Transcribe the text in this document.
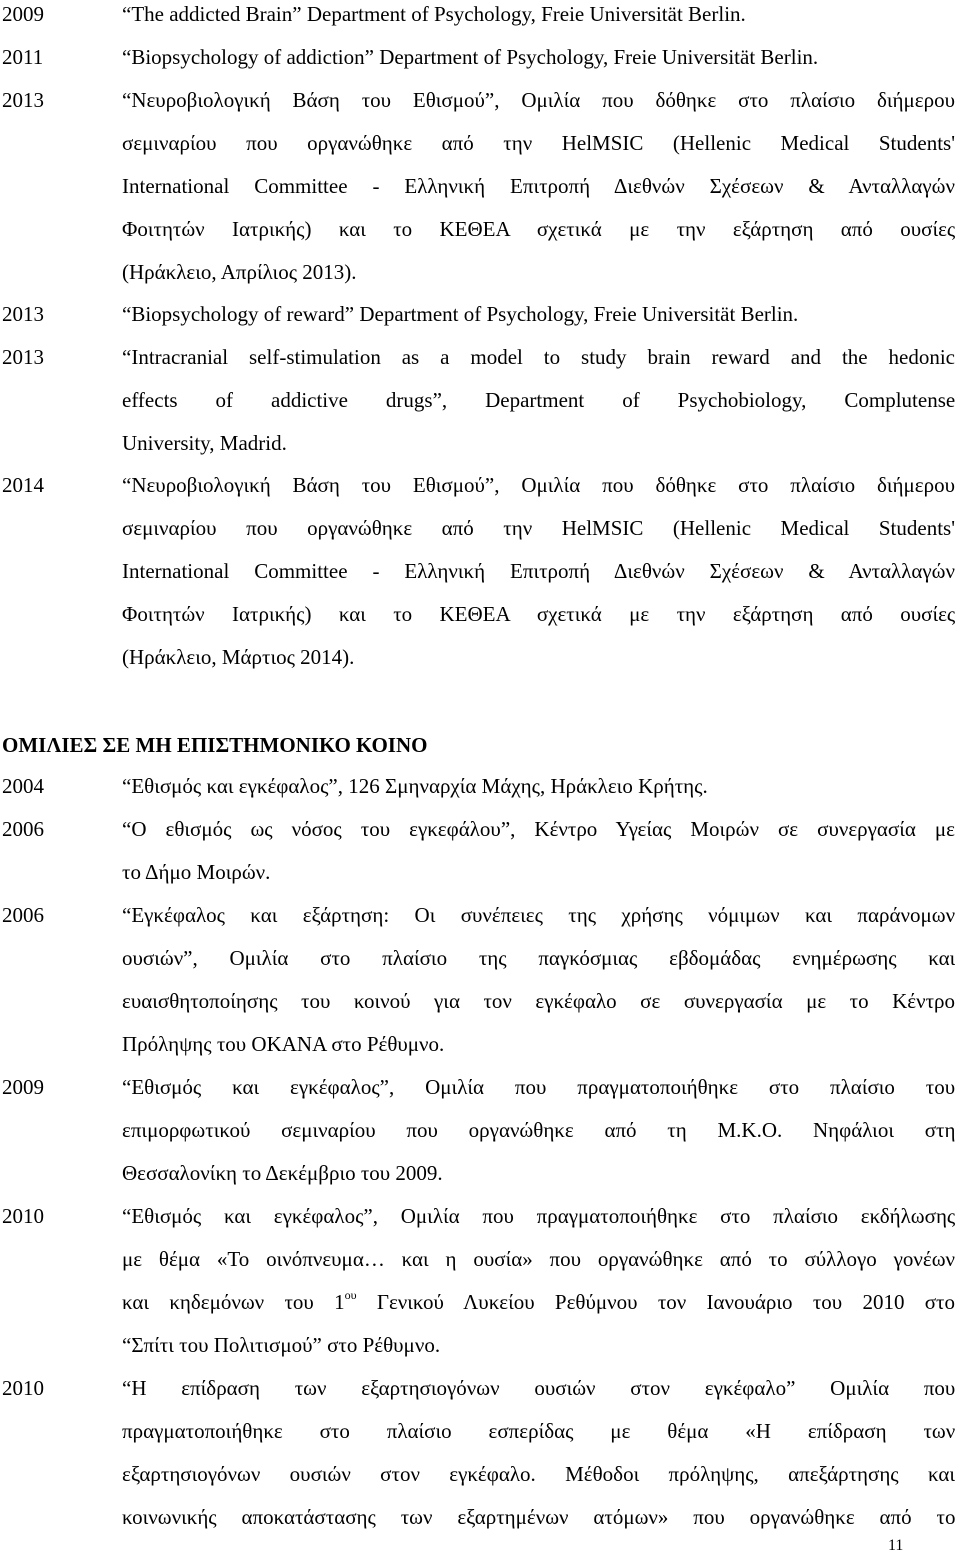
2009	“The addicted Brain” Department of Psychology, Freie Universität Berlin.
2011	“Biopsychology of addiction” Department of Psychology, Freie Universität Berlin.
2013	“Νευροβιολογική Βάση του Εθισμού”, Ομιλία που δόθηκε στο πλαίσιο διήμερου
σεμιναρίου που οργανώθηκε από την HelMSIC (Hellenic Medical Students'
International Committee - Ελληνική Επιτροπή Διεθνών Σχέσεων & Ανταλλαγών
Φοιτητών Ιατρικής) και το ΚΕΘΕΑ σχετικά με την εξάρτηση από ουσίες
(Ηράκλειο, Απρίλιος 2013).
2013	“Biopsychology of reward” Department of Psychology, Freie Universität Berlin.
2013	“Intracranial self-stimulation as a model to study brain reward and the hedonic
effects of addictive drugs”, Department of Psychobiology, Complutense
University, Madrid.
2014	“Νευροβιολογική Βάση του Εθισμού”, Ομιλία που δόθηκε στο πλαίσιο διήμερου
σεμιναρίου που οργανώθηκε από την HelMSIC (Hellenic Medical Students'
International Committee - Ελληνική Επιτροπή Διεθνών Σχέσεων & Ανταλλαγών
Φοιτητών Ιατρικής) και το ΚΕΘΕΑ σχετικά με την εξάρτηση από ουσίες
(Ηράκλειο, Μάρτιος 2014).
ΟΜΙΛΙΕΣ ΣΕ ΜΗ ΕΠΙΣΤΗΜΟΝΙΚΟ ΚΟΙΝΟ
2004	“Εθισμός και εγκέφαλος”, 126 Σμηναρχία Μάχης, Ηράκλειο Κρήτης.
2006	“Ο εθισμός ως νόσος του εγκεφάλου”, Κέντρο Υγείας Μοιρών σε συνεργασία με
το Δήμο Μοιρών.
2006	“Εγκέφαλος και εξάρτηση: Οι συνέπειες της χρήσης νόμιμων και παράνομων
ουσιών”, Ομιλία στο πλαίσιο της παγκόσμιας εβδομάδας ενημέρωσης και
ευαισθητοποίησης του κοινού για τον εγκέφαλο σε συνεργασία με το Κέντρο
Πρόληψης του ΟΚΑΝΑ στο Ρέθυμνο.
2009	“Εθισμός και εγκέφαλος”, Ομιλία που πραγματοποιήθηκε στο πλαίσιο του
επιμορφωτικού σεμιναρίου που οργανώθηκε από τη Μ.Κ.Ο. Νηφάλιοι στη
Θεσσαλονίκη το Δεκέμβριο του 2009.
2010	“Εθισμός και εγκέφαλος”, Ομιλία που πραγματοποιήθηκε στο πλαίσιο εκδήλωσης
με θέμα «Το οινόπνευμα… και η ουσία» που οργανώθηκε από το σύλλογο γονέων
και κηδεμόνων του $1^{o\upsilon}$ Γενικού Λυκείου Ρεθύμνου τον Ιανουάριο του 2010 στο
“Σπίτι του Πολιτισμού” στο Ρέθυμνο.
2010	“Η επίδραση των εξαρτησιογόνων ουσιών στον εγκέφαλο” Ομιλία που
πραγματοποιήθηκε στο πλαίσιο εσπερίδας με θέμα «Η επίδραση των
εξαρτησιογόνων ουσιών στον εγκέφαλο. Μέθοδοι πρόληψης, απεξάρτησης και
κοινωνικής αποκατάστασης των εξαρτημένων ατόμων» που οργανώθηκε από το
11
